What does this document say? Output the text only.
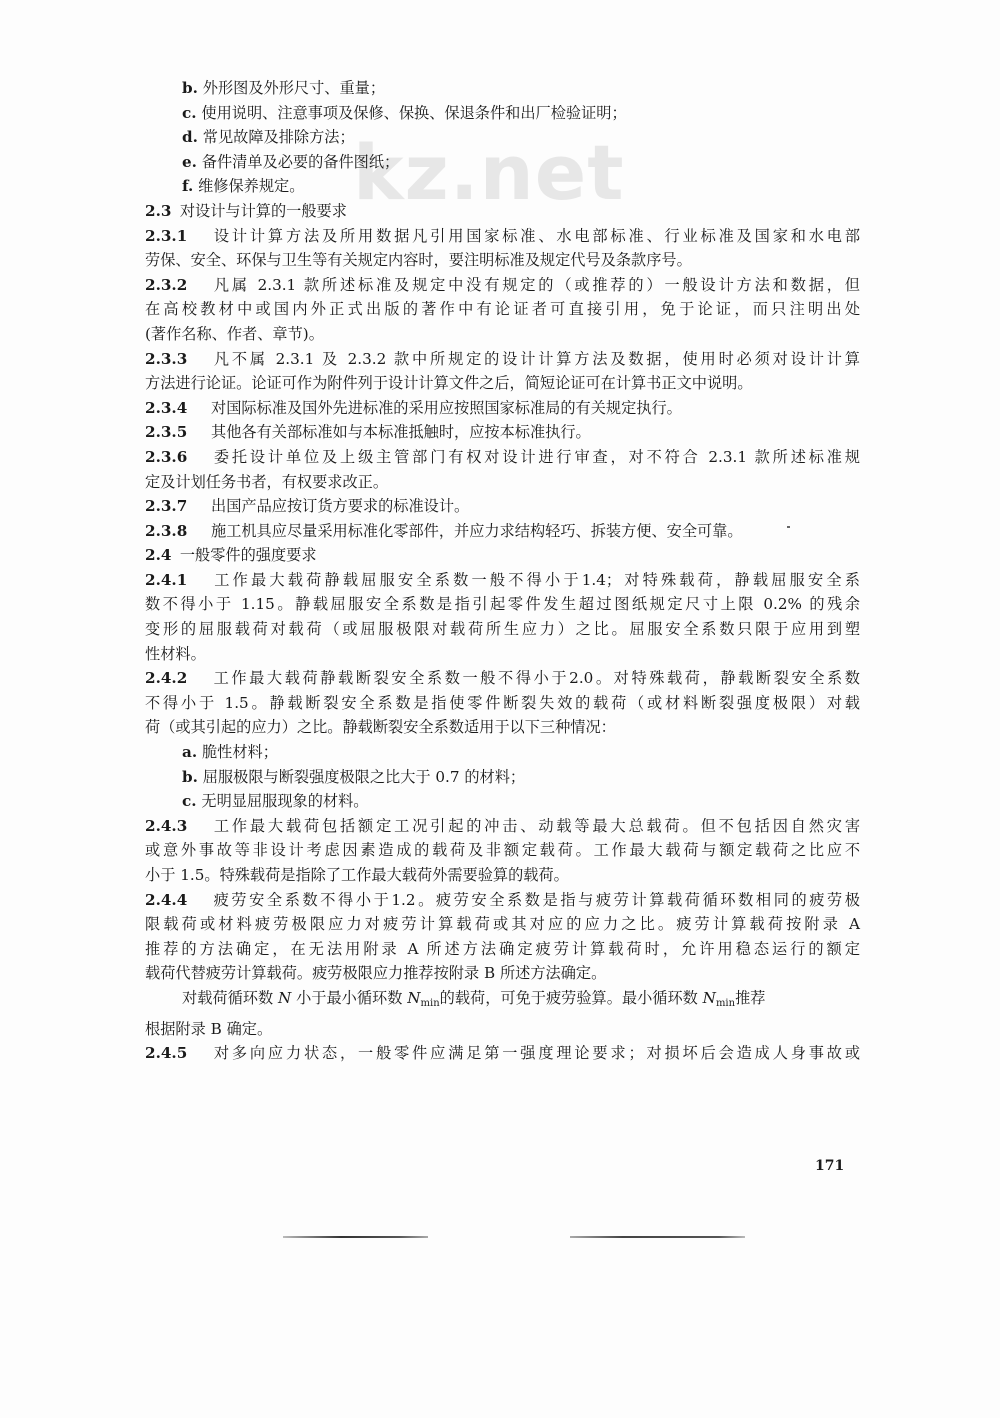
kz.net
b. 外形图及外形尺寸、重量；
c. 使用说明、注意事项及保修、保换、保退条件和出厂检验证明；
d. 常见故障及排除方法；
e. 备件清单及必要的备件图纸；
f. 维修保养规定。
2.3 对设计与计算的一般要求
2.3.1 设计计算方法及所用数据凡引用国家标准、水电部标准、行业标准及国家和水电部
劳保、安全、环保与卫生等有关规定内容时，要注明标准及规定代号及条款序号。
2.3.2 凡属 2.3.1 款所述标准及规定中没有规定的（或推荐的）一般设计方法和数据，但
在高校教材中或国内外正式出版的著作中有论证者可直接引用，免于论证，而只注明出处
(著作名称、作者、章节)。
2.3.3 凡不属 2.3.1 及 2.3.2 款中所规定的设计计算方法及数据，使用时必须对设计计算
方法进行论证。论证可作为附件列于设计计算文件之后，简短论证可在计算书正文中说明。
2.3.4 对国际标准及国外先进标准的采用应按照国家标准局的有关规定执行。
2.3.5 其他各有关部标准如与本标准抵触时，应按本标准执行。
2.3.6 委托设计单位及上级主管部门有权对设计进行审查，对不符合 2.3.1 款所述标准规
定及计划任务书者，有权要求改正。
2.3.7 出国产品应按订货方要求的标准设计。
2.3.8 施工机具应尽量采用标准化零部件，并应力求结构轻巧、拆装方便、安全可靠。
2.4 一般零件的强度要求
2.4.1 工作最大载荷静载屈服安全系数一般不得小于1.4；对特殊载荷，静载屈服安全系
数不得小于 1.15。静载屈服安全系数是指引起零件发生超过图纸规定尺寸上限 0.2% 的残余
变形的屈服载荷对载荷（或屈服极限对载荷所生应力）之比。屈服安全系数只限于应用到塑
性材料。
2.4.2 工作最大载荷静载断裂安全系数一般不得小于2.0。对特殊载荷，静载断裂安全系数
不得小于 1.5。静载断裂安全系数是指使零件断裂失效的载荷（或材料断裂强度极限）对载
荷（或其引起的应力）之比。静载断裂安全系数适用于以下三种情况：
a. 脆性材料；
b. 屈服极限与断裂强度极限之比大于 0.7 的材料；
c. 无明显屈服现象的材料。
2.4.3 工作最大载荷包括额定工况引起的冲击、动载等最大总载荷。但不包括因自然灾害
或意外事故等非设计考虑因素造成的载荷及非额定载荷。工作最大载荷与额定载荷之比应不
小于 1.5。特殊载荷是指除了工作最大载荷外需要验算的载荷。
2.4.4 疲劳安全系数不得小于1.2。疲劳安全系数是指与疲劳计算载荷循环数相同的疲劳极
限载荷或材料疲劳极限应力对疲劳计算载荷或其对应的应力之比。疲劳计算载荷按附录 A
推荐的方法确定，在无法用附录 A 所述方法确定疲劳计算载荷时，允许用稳态运行的额定
载荷代替疲劳计算载荷。疲劳极限应力推荐按附录 B 所述方法确定。
对载荷循环数 N 小于最小循环数 $N_{min}$的载荷，可免于疲劳验算。最小循环数 $N_{min}$推荐
根据附录 B 确定。
2.4.5 对多向应力状态，一般零件应满足第一强度理论要求；对损坏后会造成人身事故或
171
